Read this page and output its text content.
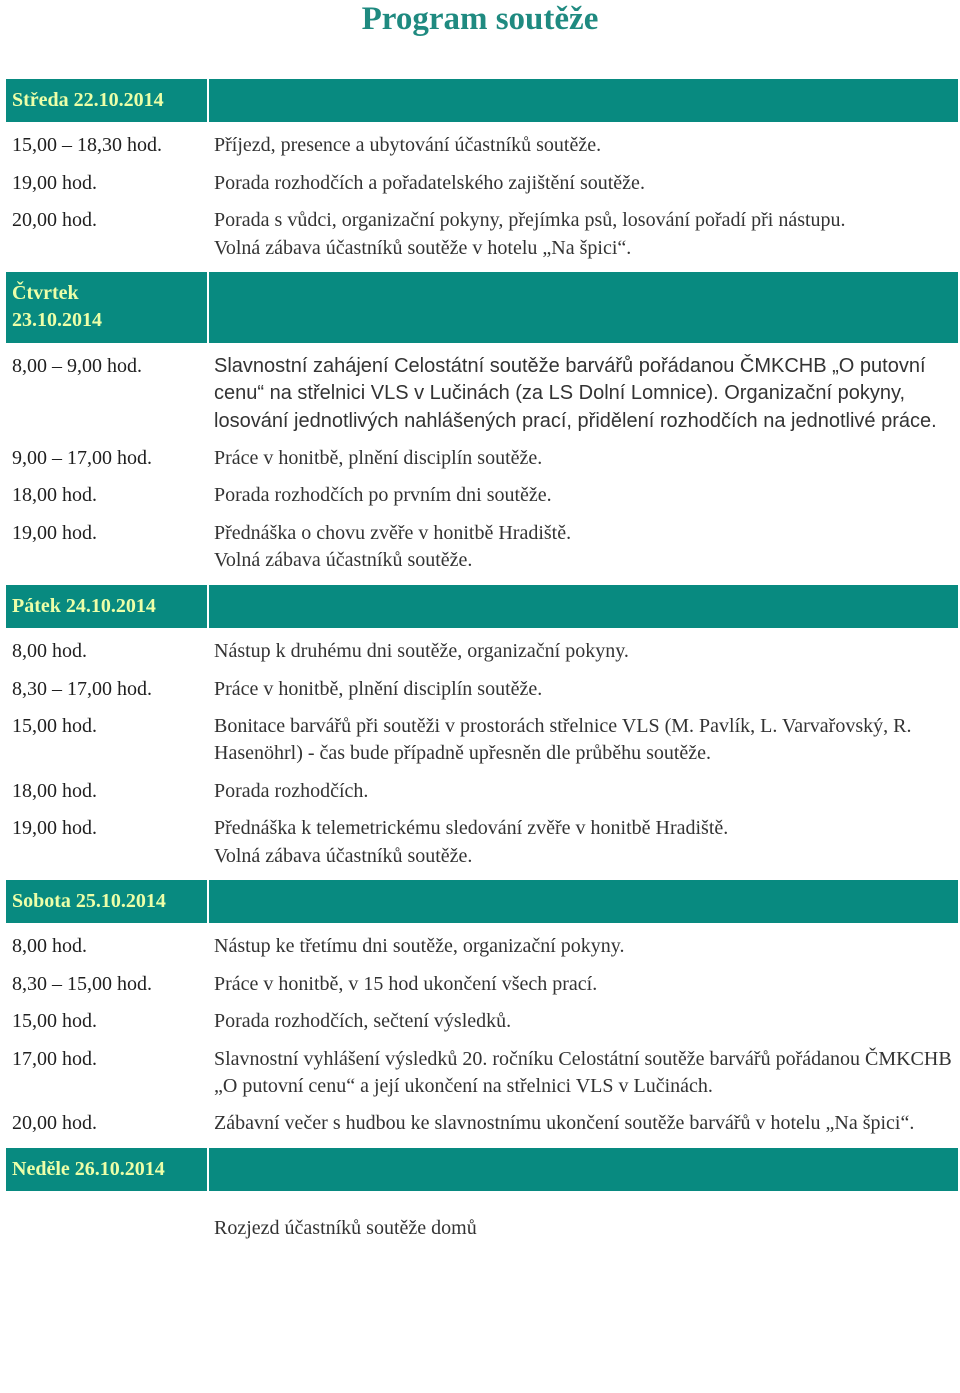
Program soutěže
Středa 22.10.2014	
15,00 – 18,30 hod.	Příjezd, presence a ubytování účastníků soutěže.
19,00 hod.	Porada rozhodčích a pořadatelského zajištění soutěže.
20,00 hod.	Porada s vůdci, organizační pokyny, přejímka psů, losování pořadí při nástupu.
Volná zábava účastníků soutěže v hotelu „Na špici“.

Čtvrtek
23.10.2014	

8,00 – 9,00 hod.	Slavnostní zahájení Celostátní soutěže barvářů pořádanou ČMKCHB „O putovní cenu“ na střelnici VLS v Lučinách (za LS Dolní Lomnice). Organizační pokyny, losování jednotlivých nahlášených prací, přidělení rozhodčích na jednotlivé práce.
9,00 – 17,00 hod.	Práce v honitbě, plnění disciplín soutěže.
18,00 hod.	Porada rozhodčích po prvním dni soutěže.
19,00 hod.	Přednáška o chovu zvěře v honitbě Hradiště.
Volná zábava účastníků soutěže.

Pátek 24.10.2014	
8,00 hod.	Nástup k druhému dni soutěže, organizační pokyny.
8,30 – 17,00 hod.	Práce v honitbě, plnění disciplín soutěže.
15,00 hod.	Bonitace barvářů při soutěži v prostorách střelnice VLS (M. Pavlík, L. Varvařovský, R. Hasenöhrl) - čas bude případně upřesněn dle průběhu soutěže.
18,00 hod.	Porada rozhodčích.
19,00 hod.	Přednáška k telemetrickému sledování zvěře v honitbě Hradiště.
Volná zábava účastníků soutěže.

Sobota 25.10.2014	
8,00 hod.	Nástup ke třetímu dni soutěže, organizační pokyny.
8,30 – 15,00 hod.	Práce v honitbě, v 15 hod ukončení všech prací.
15,00 hod.	Porada rozhodčích, sečtení výsledků.
17,00 hod.	Slavnostní vyhlášení výsledků 20. ročníku Celostátní soutěže barvářů pořádanou ČMKCHB „O putovní cenu“ a její ukončení na střelnici VLS v Lučinách.
20,00 hod.	Zábavní večer s hudbou ke slavnostnímu ukončení soutěže barvářů v hotelu „Na špici“.
Neděle 26.10.2014	
	Rozjezd účastníků soutěže domů
